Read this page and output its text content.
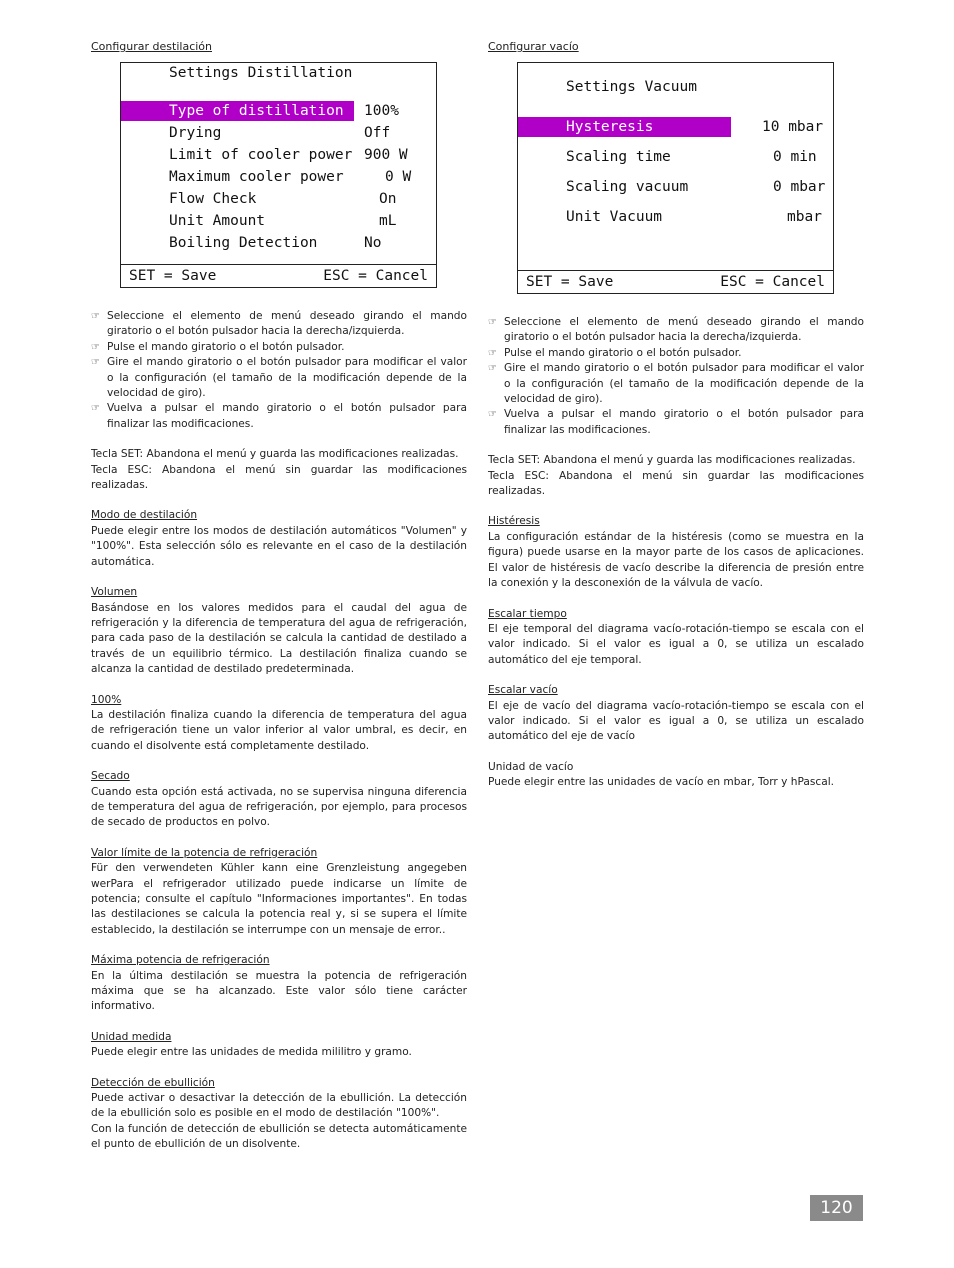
Configurar destilación
Settings Distillation
Type of distillation 100%
Drying	Off
Limit of cooler power 900 W
Maximum cooler power	0 W
Flow Check	On
Unit Amount	mL
Boiling Detection	No
SET = Save	ESC = Cancel
☞ Seleccione el elemento de menú deseado girando el mando giratorio o el botón pulsador hacia la derecha/izquierda.
☞ Pulse el mando giratorio o el botón pulsador.
☞ Gire el mando giratorio o el botón pulsador para modificar el valor o la configuración (el tamaño de la modificación depende de la velocidad de giro).
☞ Vuelva a pulsar el mando giratorio o el botón pulsador para finalizar las modificaciones.
Tecla SET: Abandona el menú y guarda las modificaciones realizadas.
Tecla ESC: Abandona el menú sin guardar las modificaciones realizadas.
Modo de destilación
Puede elegir entre los modos de destilación automáticos "Volumen" y "100%". Esta selección sólo es relevante en el caso de la destilación automática.
Volumen
Basándose en los valores medidos para el caudal del agua de refrigeración y la diferencia de temperatura del agua de refrigeración, para cada paso de la destilación se calcula la cantidad de destilado a través de un equilibrio térmico. La destilación finaliza cuando se alcanza la cantidad de destilado predeterminada.
100%
La destilación finaliza cuando la diferencia de temperatura del agua de refrigeración tiene un valor inferior al valor umbral, es decir, en cuando el disolvente está completamente destilado.
Secado
Cuando esta opción está activada, no se supervisa ninguna diferencia de temperatura del agua de refrigeración, por ejemplo, para procesos de secado de productos en polvo.
Valor límite de la potencia de refrigeración
Für den verwendeten Kühler kann eine Grenzleistung angegeben werPara el refrigerador utilizado puede indicarse un límite de potencia; consulte el capítulo "Informaciones importantes". En todas las destilaciones se calcula la potencia real y, si se supera el límite establecido, la destilación se interrumpe con un mensaje de error..
Máxima potencia de refrigeración
En la última destilación se muestra la potencia de refrigeración máxima que se ha alcanzado. Este valor sólo tiene carácter informativo.
Unidad medida
Puede elegir entre las unidades de medida mililitro y gramo.
Detección de ebullición
Puede activar o desactivar la detección de la ebullición. La detección de la ebullición solo es posible en el modo de destilación "100%".
Con la función de detección de ebullición se detecta automáticamente el punto de ebullición de un disolvente.
Configurar vacío
Settings Vacuum
Hysteresis	10 mbar
Scaling time	0 min
Scaling vacuum	0 mbar
Unit Vacuum	mbar
SET = Save	ESC = Cancel
☞ Seleccione el elemento de menú deseado girando el mando giratorio o el botón pulsador hacia la derecha/izquierda.
☞ Pulse el mando giratorio o el botón pulsador.
☞ Gire el mando giratorio o el botón pulsador para modificar el valor o la configuración (el tamaño de la modificación depende de la velocidad de giro).
☞ Vuelva a pulsar el mando giratorio o el botón pulsador para finalizar las modificaciones.
Tecla SET: Abandona el menú y guarda las modificaciones realizadas.
Tecla ESC: Abandona el menú sin guardar las modificaciones realizadas.
Histéresis
La configuración estándar de la histéresis (como se muestra en la figura) puede usarse en la mayor parte de los casos de aplicaciones. El valor de histéresis de vacío describe la diferencia de presión entre la conexión y la desconexión de la válvula de vacío.
Escalar tiempo
El eje temporal del diagrama vacío-rotación-tiempo se escala con el valor indicado. Si el valor es igual a 0, se utiliza un escalado automático del eje temporal.
Escalar vacío
El eje de vacío del diagrama vacío-rotación-tiempo se escala con el valor indicado. Si el valor es igual a 0, se utiliza un escalado automático del eje de vacío
Unidad de vacío
Puede elegir entre las unidades de vacío en mbar, Torr y hPascal.
120
